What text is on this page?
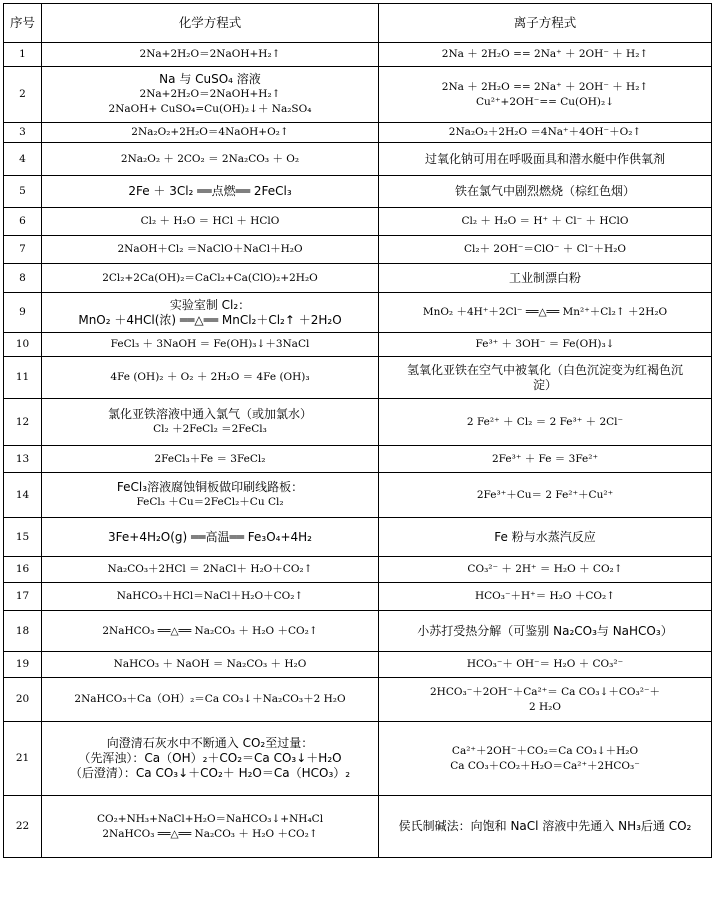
序号	化学方程式	离子方程式
1	2Na+2H₂O＝2NaOH+H₂↑	2Na ＋ 2H₂O == 2Na⁺ ＋ 2OH⁻ ＋ H₂↑

2	Na 与 CuSO₄ 溶液
2Na+2H₂O＝2NaOH+H₂↑
2NaOH+ CuSO₄=Cu(OH)₂↓＋ Na₂SO₄	2Na ＋ 2H₂O == 2Na⁺ ＋ 2OH⁻ ＋ H₂↑
Cu²⁺+2OH⁻== Cu(OH)₂↓

3	2Na₂O₂+2H₂O＝4NaOH+O₂↑	2Na₂O₂＋2H₂O ＝4Na⁺＋4OH⁻＋O₂↑

4	2Na₂O₂ ＋ 2CO₂ ＝ 2Na₂CO₃ ＋ O₂	过氧化钠可用在呼吸面具和潜水艇中作供氧剂

5	2Fe ＋ 3Cl₂ ══点燃══ 2FeCl₃	铁在氯气中剧烈燃烧（棕红色烟）

6	Cl₂ ＋ H₂O ＝ HCl ＋ HClO	Cl₂ ＋ H₂O ＝ H⁺ ＋ Cl⁻ ＋ HClO

7	2NaOH＋Cl₂ ＝NaClO＋NaCl＋H₂O	Cl₂＋ 2OH⁻＝ClO⁻ ＋ Cl⁻＋H₂O

8	2Cl₂+2Ca(OH)₂＝CaCl₂+Ca(ClO)₂+2H₂O	工业制漂白粉

9	实验室制 Cl₂：
MnO₂ ＋4HCl(浓) ══△══ MnCl₂＋Cl₂↑ ＋2H₂O	MnO₂ ＋4H⁺＋2Cl⁻ ══△══ Mn²⁺＋Cl₂↑ ＋2H₂O

10	FeCl₃ ＋ 3NaOH ＝ Fe(OH)₃↓＋3NaCl	Fe³⁺ ＋ 3OH⁻ ＝ Fe(OH)₃↓

11	4Fe (OH)₂ ＋ O₂ ＋ 2H₂O ＝ 4Fe (OH)₃	氢氧化亚铁在空气中被氧化（白色沉淀变为红褐色沉
淀）

12	氯化亚铁溶液中通入氯气（或加氯水）
Cl₂ ＋2FeCl₂ ＝2FeCl₃	2 Fe²⁺ ＋ Cl₂ ＝ 2 Fe³⁺ ＋ 2Cl⁻

13	2FeCl₃＋Fe ＝ 3FeCl₂	2Fe³⁺ ＋ Fe ＝ 3Fe²⁺

14	FeCl₃溶液腐蚀铜板做印刷线路板：
FeCl₃ ＋Cu＝2FeCl₂＋Cu Cl₂	2Fe³⁺＋Cu＝ 2 Fe²⁺＋Cu²⁺

15	3Fe+4H₂O(g) ══高温══ Fe₃O₄+4H₂	Fe 粉与水蒸汽反应

16	Na₂CO₃＋2HCl ＝ 2NaCl＋ H₂O＋CO₂↑	CO₃²⁻ ＋ 2H⁺ ＝ H₂O ＋ CO₂↑

17	NaHCO₃＋HCl＝NaCl＋H₂O＋CO₂↑	HCO₃⁻＋H⁺＝ H₂O ＋CO₂↑

18	2NaHCO₃ ══△══ Na₂CO₃ ＋ H₂O ＋CO₂↑	小苏打受热分解（可鉴别 Na₂CO₃与 NaHCO₃）

19	NaHCO₃ ＋ NaOH ＝ Na₂CO₃ ＋ H₂O	HCO₃⁻＋ OH⁻＝ H₂O ＋ CO₃²⁻

20	2NaHCO₃＋Ca（OH）₂＝Ca CO₃↓＋Na₂CO₃＋2 H₂O	2HCO₃⁻＋2OH⁻＋Ca²⁺＝ Ca CO₃↓＋CO₃²⁻＋
2 H₂O

21	向澄清石灰水中不断通入 CO₂至过量：
（先浑浊）：Ca（OH）₂＋CO₂＝Ca CO₃↓＋H₂O
（后澄清）：Ca CO₃↓＋CO₂＋ H₂O＝Ca（HCO₃）₂	Ca²⁺＋2OH⁻＋CO₂＝Ca CO₃↓＋H₂O
Ca CO₃＋CO₂＋H₂O＝Ca²⁺＋2HCO₃⁻

22	CO₂+NH₃+NaCl+H₂O＝NaHCO₃↓+NH₄Cl
2NaHCO₃ ══△══ Na₂CO₃ ＋ H₂O ＋CO₂↑	侯氏制碱法：向饱和 NaCl 溶液中先通入 NH₃后通 CO₂
